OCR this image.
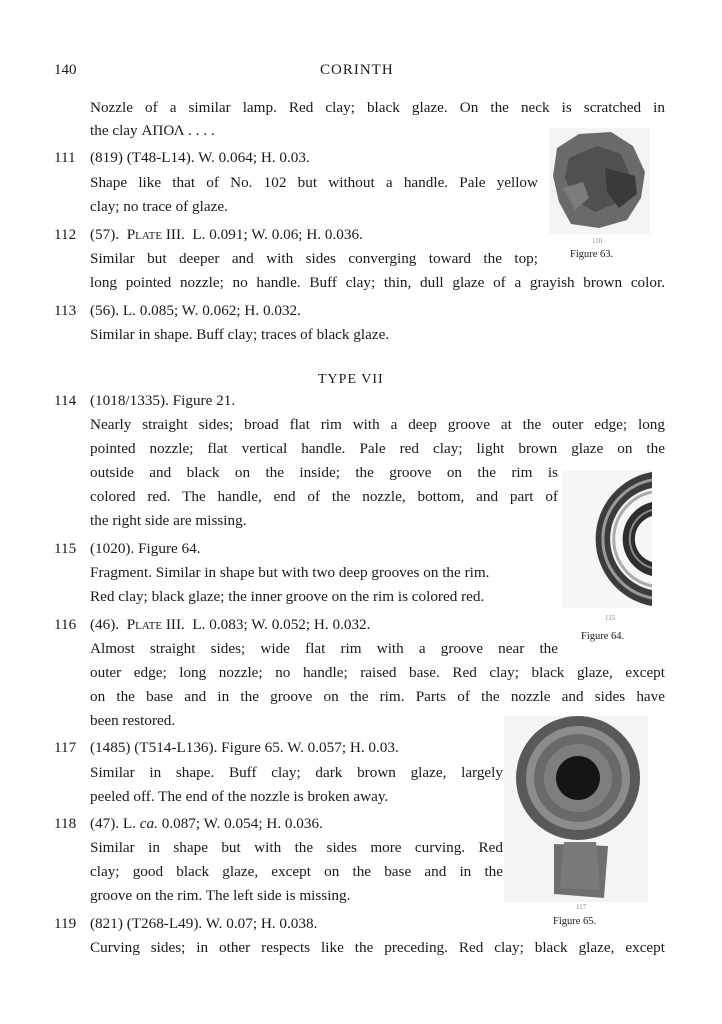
140	CORINTH
Nozzle of a similar lamp. Red clay; black glaze. On the neck is scratched in
the clay ΑΠΟΛ . . . .
110
Figure 63.
111 (819) (T48-L14). W. 0.064; H. 0.03.
Shape like that of No. 102 but without a handle. Pale yellow
clay; no trace of glaze.
112 (57). Plate III. L. 0.091; W. 0.06; H. 0.036.
Similar but deeper and with sides converging toward the top;
long pointed nozzle; no handle. Buff clay; thin, dull glaze of a grayish brown color.
113 (56). L. 0.085; W. 0.062; H. 0.032.
Similar in shape. Buff clay; traces of black glaze.
TYPE VII
114 (1018/1335). Figure 21.
Nearly straight sides; broad flat rim with a deep groove at the outer edge; long
pointed nozzle; flat vertical handle. Pale red clay; light brown glaze on the
outside and black on the inside; the groove on the rim is
colored red. The handle, end of the nozzle, bottom, and part of
the right side are missing.
115
Figure 64.
115 (1020). Figure 64.
Fragment. Similar in shape but with two deep grooves on the rim.
Red clay; black glaze; the inner groove on the rim is colored red.
116 (46). Plate III. L. 0.083; W. 0.052; H. 0.032.
Almost straight sides; wide flat rim with a groove near the
outer edge; long nozzle; no handle; raised base. Red clay; black glaze, except
on the base and in the groove on the rim. Parts of the nozzle and sides have
been restored.
117
Figure 65.
117 (1485) (T514-L136). Figure 65. W. 0.057; H. 0.03.
Similar in shape. Buff clay; dark brown glaze, largely
peeled off. The end of the nozzle is broken away.
118 (47). L. ca. 0.087; W. 0.054; H. 0.036.
Similar in shape but with the sides more curving. Red
clay; good black glaze, except on the base and in the
groove on the rim. The left side is missing.
119 (821) (T268-L49). W. 0.07; H. 0.038.
Curving sides; in other respects like the preceding. Red clay; black glaze, except
